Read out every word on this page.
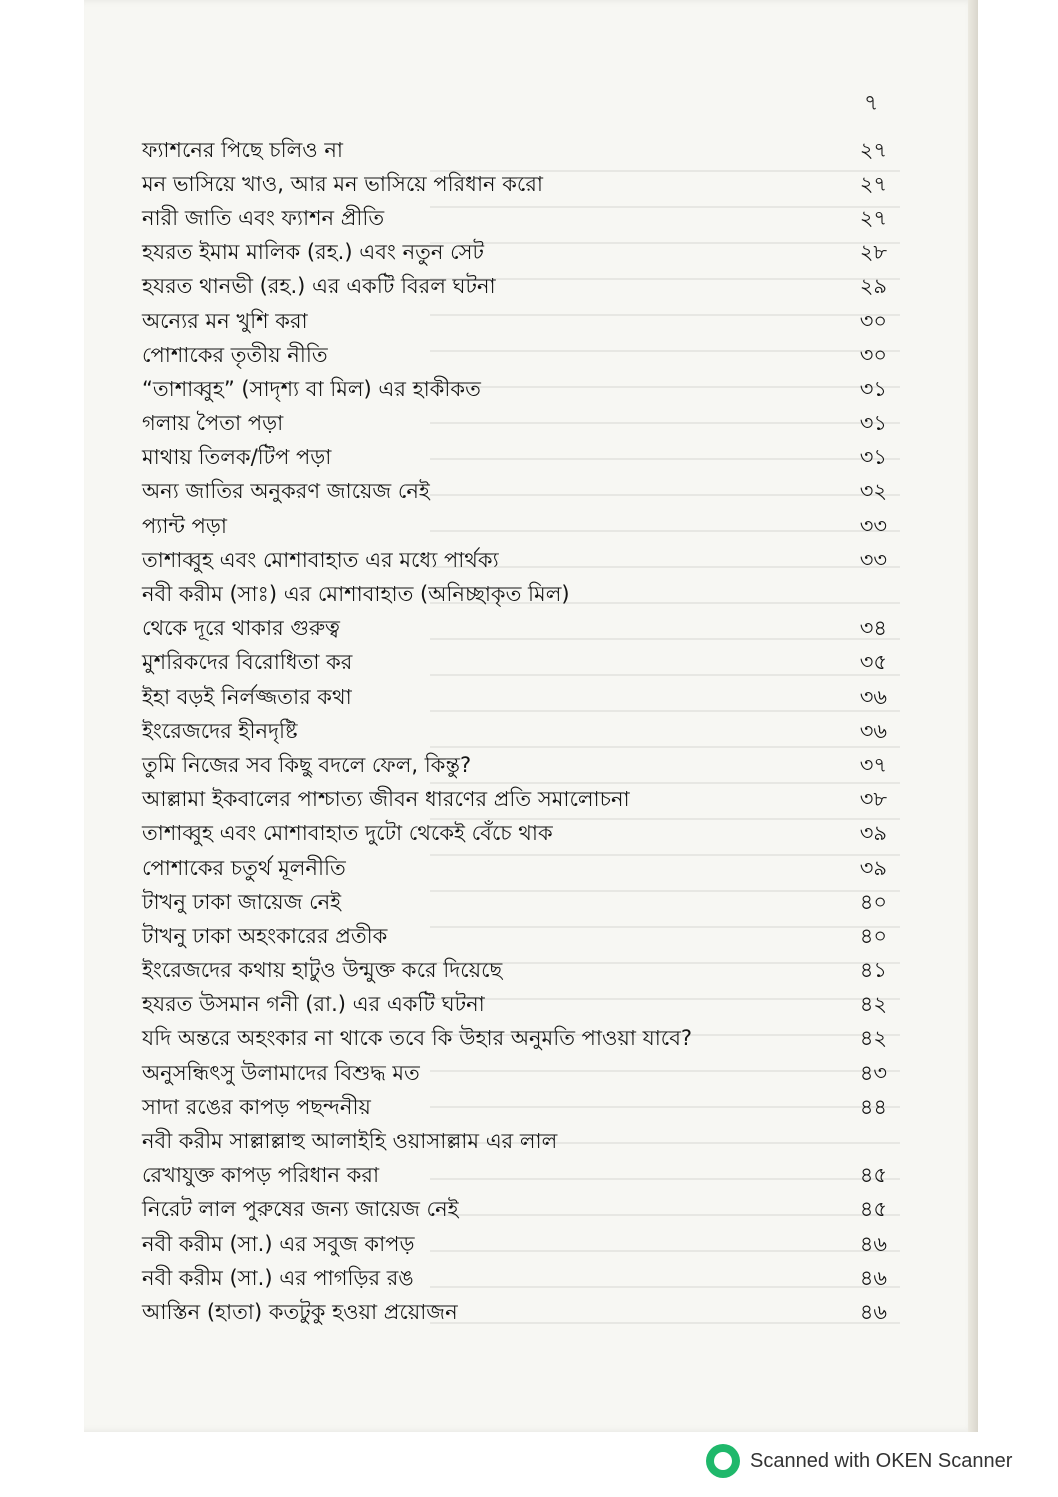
৭
ফ্যাশনের পিছে চলিও না	২৭
মন ভাসিয়ে খাও, আর মন ভাসিয়ে পরিধান করো	২৭
নারী জাতি এবং ফ্যাশন প্রীতি	২৭
হযরত ইমাম মালিক (রহ.) এবং নতুন সেট	২৮
হযরত থানভী (রহ.) এর একটি বিরল ঘটনা	২৯
অন্যের মন খুশি করা	৩০
পোশাকের তৃতীয় নীতি	৩০
“তাশাব্বুহ” (সাদৃশ্য বা মিল) এর হাকীকত	৩১
গলায় পৈতা পড়া	৩১
মাথায় তিলক/টিপ পড়া	৩১
অন্য জাতির অনুকরণ জায়েজ নেই	৩২
প্যান্ট পড়া	৩৩
তাশাব্বুহ এবং মোশাবাহাত এর মধ্যে পার্থক্য	৩৩
নবী করীম (সাঃ) এর মোশাবাহাত (অনিচ্ছাকৃত মিল)
থেকে দূরে থাকার গুরুত্ব	৩৪
মুশরিকদের বিরোধিতা কর	৩৫
ইহা বড়ই নির্লজ্জতার কথা	৩৬
ইংরেজদের হীনদৃষ্টি	৩৬
তুমি নিজের সব কিছু বদলে ফেল, কিন্তু?	৩৭
আল্লামা ইকবালের পাশ্চাত্য জীবন ধারণের প্রতি সমালোচনা	৩৮
তাশাব্বুহ এবং মোশাবাহাত দুটো থেকেই বেঁচে থাক	৩৯
পোশাকের চতুর্থ মূলনীতি	৩৯
টাখনু ঢাকা জায়েজ নেই	৪০
টাখনু ঢাকা অহংকারের প্রতীক	৪০
ইংরেজদের কথায় হাটুও উন্মুক্ত করে দিয়েছে	৪১
হযরত উসমান গনী (রা.) এর একটি ঘটনা	৪২
যদি অন্তরে অহংকার না থাকে তবে কি উহার অনুমতি পাওয়া যাবে?	৪২
অনুসন্ধিৎসু উলামাদের বিশুদ্ধ মত	৪৩
সাদা রঙের কাপড় পছন্দনীয়	৪৪
নবী করীম সাল্লাল্লাহু আলাইহি ওয়াসাল্লাম এর লাল
রেখাযুক্ত কাপড় পরিধান করা	৪৫
নিরেট লাল পুরুষের জন্য জায়েজ নেই	৪৫
নবী করীম (সা.) এর সবুজ কাপড়	৪৬
নবী করীম (সা.) এর পাগড়ির রঙ	৪৬
আস্তিন (হাতা) কতটুকু হওয়া প্রয়োজন	৪৬
Scanned with OKEN Scanner
